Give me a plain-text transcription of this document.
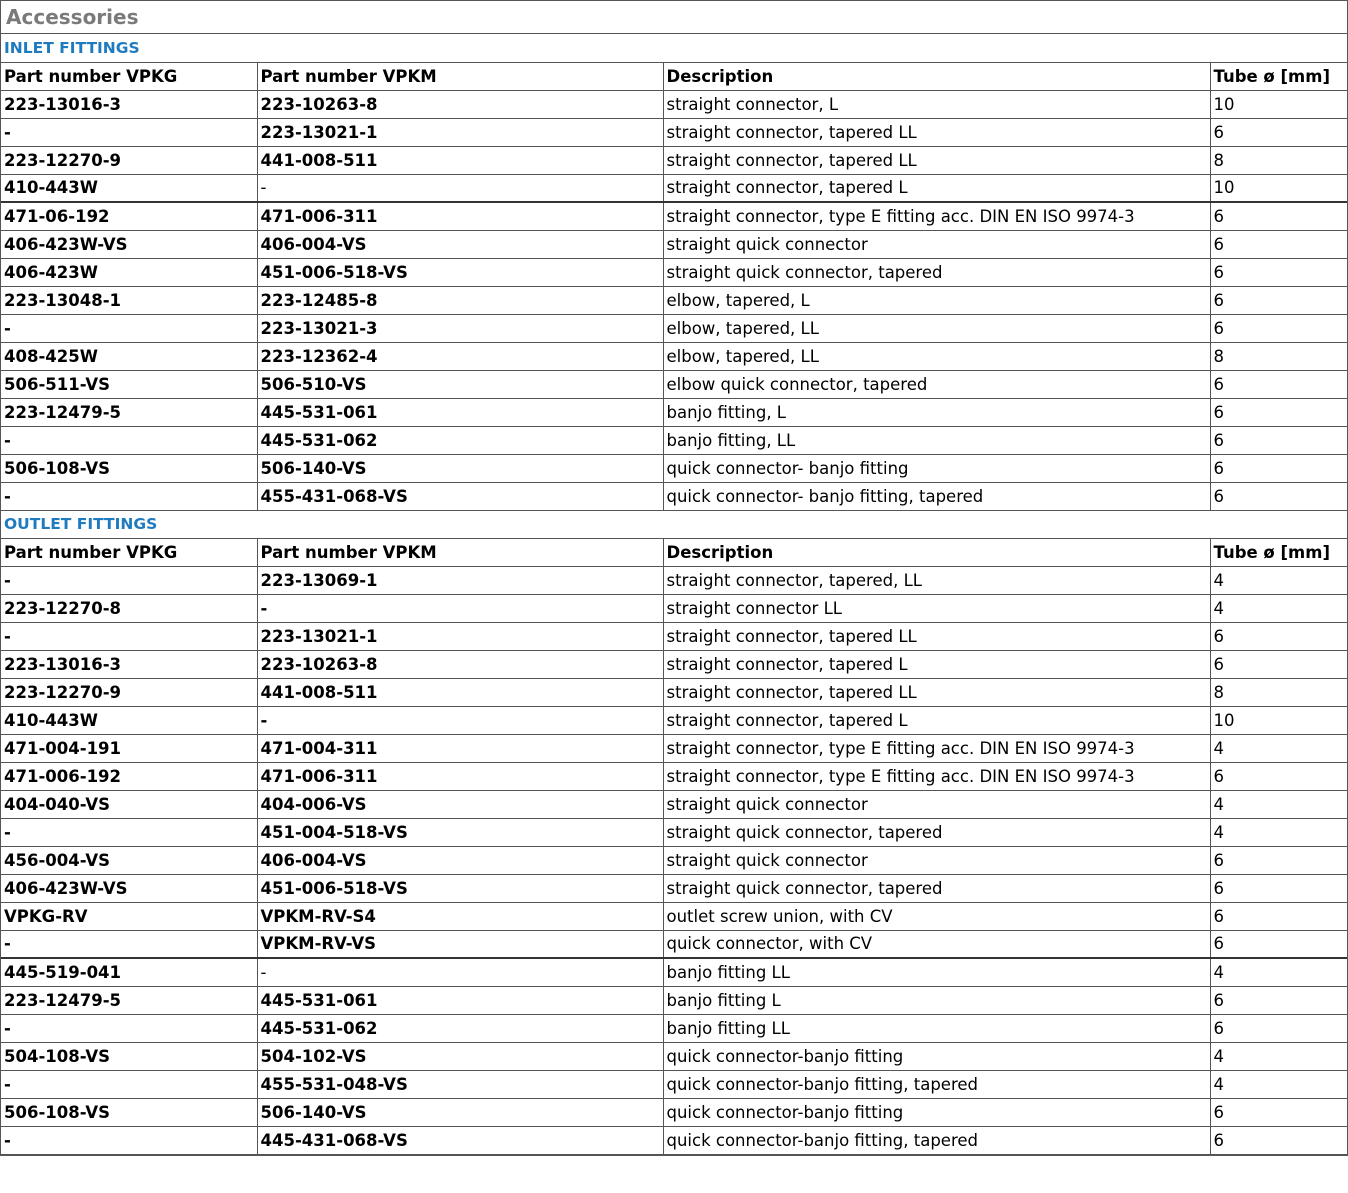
Accessories
INLET FITTINGS			
Part number VPKG	Part number VPKM	Description	Tube ø [mm]
223-13016-3	223-10263-8	straight connector, L	10
-	223-13021-1	straight connector, tapered LL	6
223-12270-9	441-008-511	straight connector, tapered LL	8
410-443W	-	straight connector, tapered L	10
471-06-192	471-006-311	straight connector, type E fitting acc. DIN EN ISO 9974-3	6
406-423W-VS	406-004-VS	straight quick connector	6
406-423W	451-006-518-VS	straight quick connector, tapered	6
223-13048-1	223-12485-8	elbow, tapered, L	6
-	223-13021-3	elbow, tapered, LL	6
408-425W	223-12362-4	elbow, tapered, LL	8
506-511-VS	506-510-VS	elbow quick connector, tapered	6
223-12479-5	445-531-061	banjo fitting, L	6
-	445-531-062	banjo fitting, LL	6
506-108-VS	506-140-VS	quick connector- banjo fitting	6
-	455-431-068-VS	quick connector- banjo fitting, tapered	6
OUTLET FITTINGS			
Part number VPKG	Part number VPKM	Description	Tube ø [mm]
-	223-13069-1	straight connector, tapered, LL	4
223-12270-8	-	straight connector LL	4
-	223-13021-1	straight connector, tapered LL	6
223-13016-3	223-10263-8	straight connector, tapered L	6
223-12270-9	441-008-511	straight connector, tapered LL	8
410-443W	-	straight connector, tapered L	10
471-004-191	471-004-311	straight connector, type E fitting acc. DIN EN ISO 9974-3	4
471-006-192	471-006-311	straight connector, type E fitting acc. DIN EN ISO 9974-3	6
404-040-VS	404-006-VS	straight quick connector	4
-	451-004-518-VS	straight quick connector, tapered	4
456-004-VS	406-004-VS	straight quick connector	6
406-423W-VS	451-006-518-VS	straight quick connector, tapered	6
VPKG-RV	VPKM-RV-S4	outlet screw union, with CV	6
-	VPKM-RV-VS	quick connector, with CV	6
445-519-041	-	banjo fitting LL	4
223-12479-5	445-531-061	banjo fitting L	6
-	445-531-062	banjo fitting LL	6
504-108-VS	504-102-VS	quick connector-banjo fitting	4
-	455-531-048-VS	quick connector-banjo fitting, tapered	4
506-108-VS	506-140-VS	quick connector-banjo fitting	6
-	445-431-068-VS	quick connector-banjo fitting, tapered	6
